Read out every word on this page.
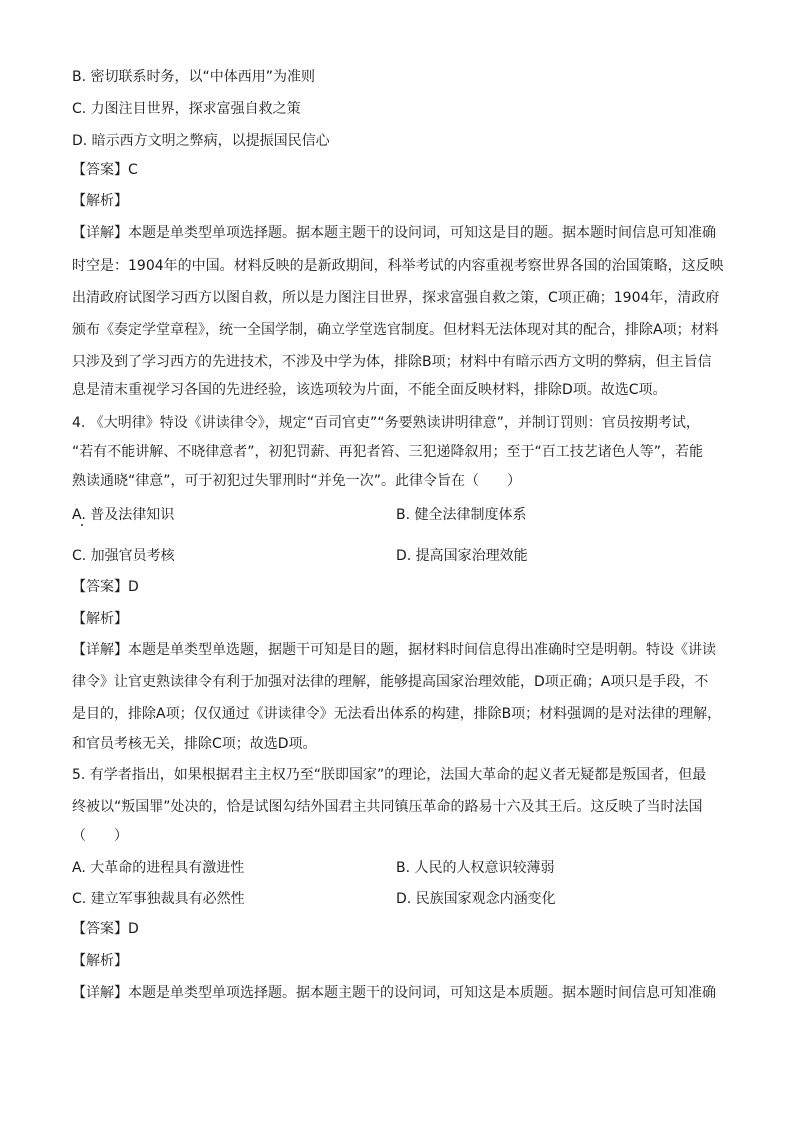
B. 密切联系时务，以“中体西用”为准则
C. 力图注目世界，探求富强自救之策
D. 暗示西方文明之弊病，以提振国民信心
【答案】C
【解析】
【详解】本题是单类型单项选择题。据本题主题干的设问词，可知这是目的题。据本题时间信息可知准确
时空是：1904年的中国。材料反映的是新政期间，科举考试的内容重视考察世界各国的治国策略，这反映
出清政府试图学习西方以图自救，所以是力图注目世界，探求富强自救之策，C项正确；1904年，清政府
颁布《奏定学堂章程》，统一全国学制，确立学堂选官制度。但材料无法体现对其的配合，排除A项；材料
只涉及到了学习西方的先进技术，不涉及中学为体，排除B项；材料中有暗示西方文明的弊病，但主旨信
息是清末重视学习各国的先进经验，该选项较为片面，不能全面反映材料，排除D项。故选C项。
4. 《大明律》特设《讲读律令》，规定“百司官吏”“务要熟读讲明律意”，并制订罚则：官员按期考试，
“若有不能讲解、不晓律意者”，初犯罚薪、再犯者笞、三犯递降叙用；至于“百工技艺诸色人等”，若能
熟读通晓“律意”，可于初犯过失罪刑时“并免一次”。此律令旨在（　　）
A. 普及法律知识	B. 健全法律制度体系
C. 加强官员考核	D. 提高国家治理效能
【答案】D
【解析】
【详解】本题是单类型单选题，据题干可知是目的题，据材料时间信息得出准确时空是明朝。特设《讲读
律令》让官吏熟读律令有利于加强对法律的理解，能够提高国家治理效能，D项正确；A项只是手段，不
是目的，排除A项；仅仅通过《讲读律令》无法看出体系的构建，排除B项；材料强调的是对法律的理解，
和官员考核无关，排除C项；故选D项。
5. 有学者指出，如果根据君主主权乃至“朕即国家”的理论，法国大革命的起义者无疑都是叛国者，但最
终被以“叛国罪”处决的，恰是试图勾结外国君主共同镇压革命的路易十六及其王后。这反映了当时法国
（　　）
A. 大革命的进程具有激进性	B. 人民的人权意识较薄弱
C. 建立军事独裁具有必然性	D. 民族国家观念内涵变化
【答案】D
【解析】
【详解】本题是单类型单项选择题。据本题主题干的设问词，可知这是本质题。据本题时间信息可知准确
